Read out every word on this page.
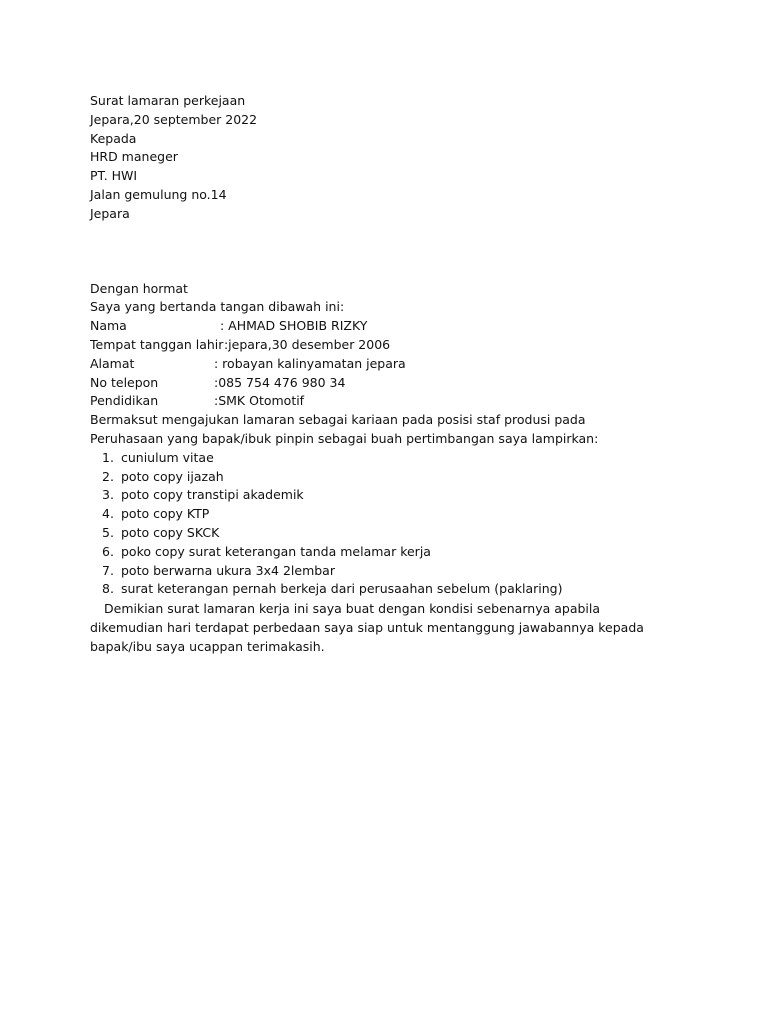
Surat lamaran perkejaan
Jepara,20 september 2022
Kepada
HRD maneger
PT. HWI
Jalan gemulung no.14
Jepara
Dengan hormat
Saya yang bertanda tangan dibawah ini:
Nama	: AHMAD SHOBIB RIZKY
Tempat tanggan lahir
:jepara,30 desember 2006
Alamat	: robayan kalinyamatan jepara
No telepon	:085 754 476 980 34
Pendidikan	:SMK Otomotif
Bermaksut mengajukan lamaran sebagai kariaan pada posisi staf produsi pada
Peruhasaan yang bapak/ibuk pinpin sebagai buah pertimbangan saya lampirkan:
1. cuniulum vitae
2. poto copy ijazah
3. poto copy transtipi akademik
4. poto copy KTP
5. poto copy SKCK
6. poko copy surat keterangan tanda melamar kerja
7. poto berwarna ukura 3x4 2lembar
8. surat keterangan pernah berkeja dari perusaahan sebelum (paklaring)
Demikian surat lamaran kerja ini saya buat dengan kondisi sebenarnya apabila dikemudian hari terdapat perbedaan saya siap untuk mentanggung jawabannya kepada bapak/ibu saya ucappan terimakasih.
